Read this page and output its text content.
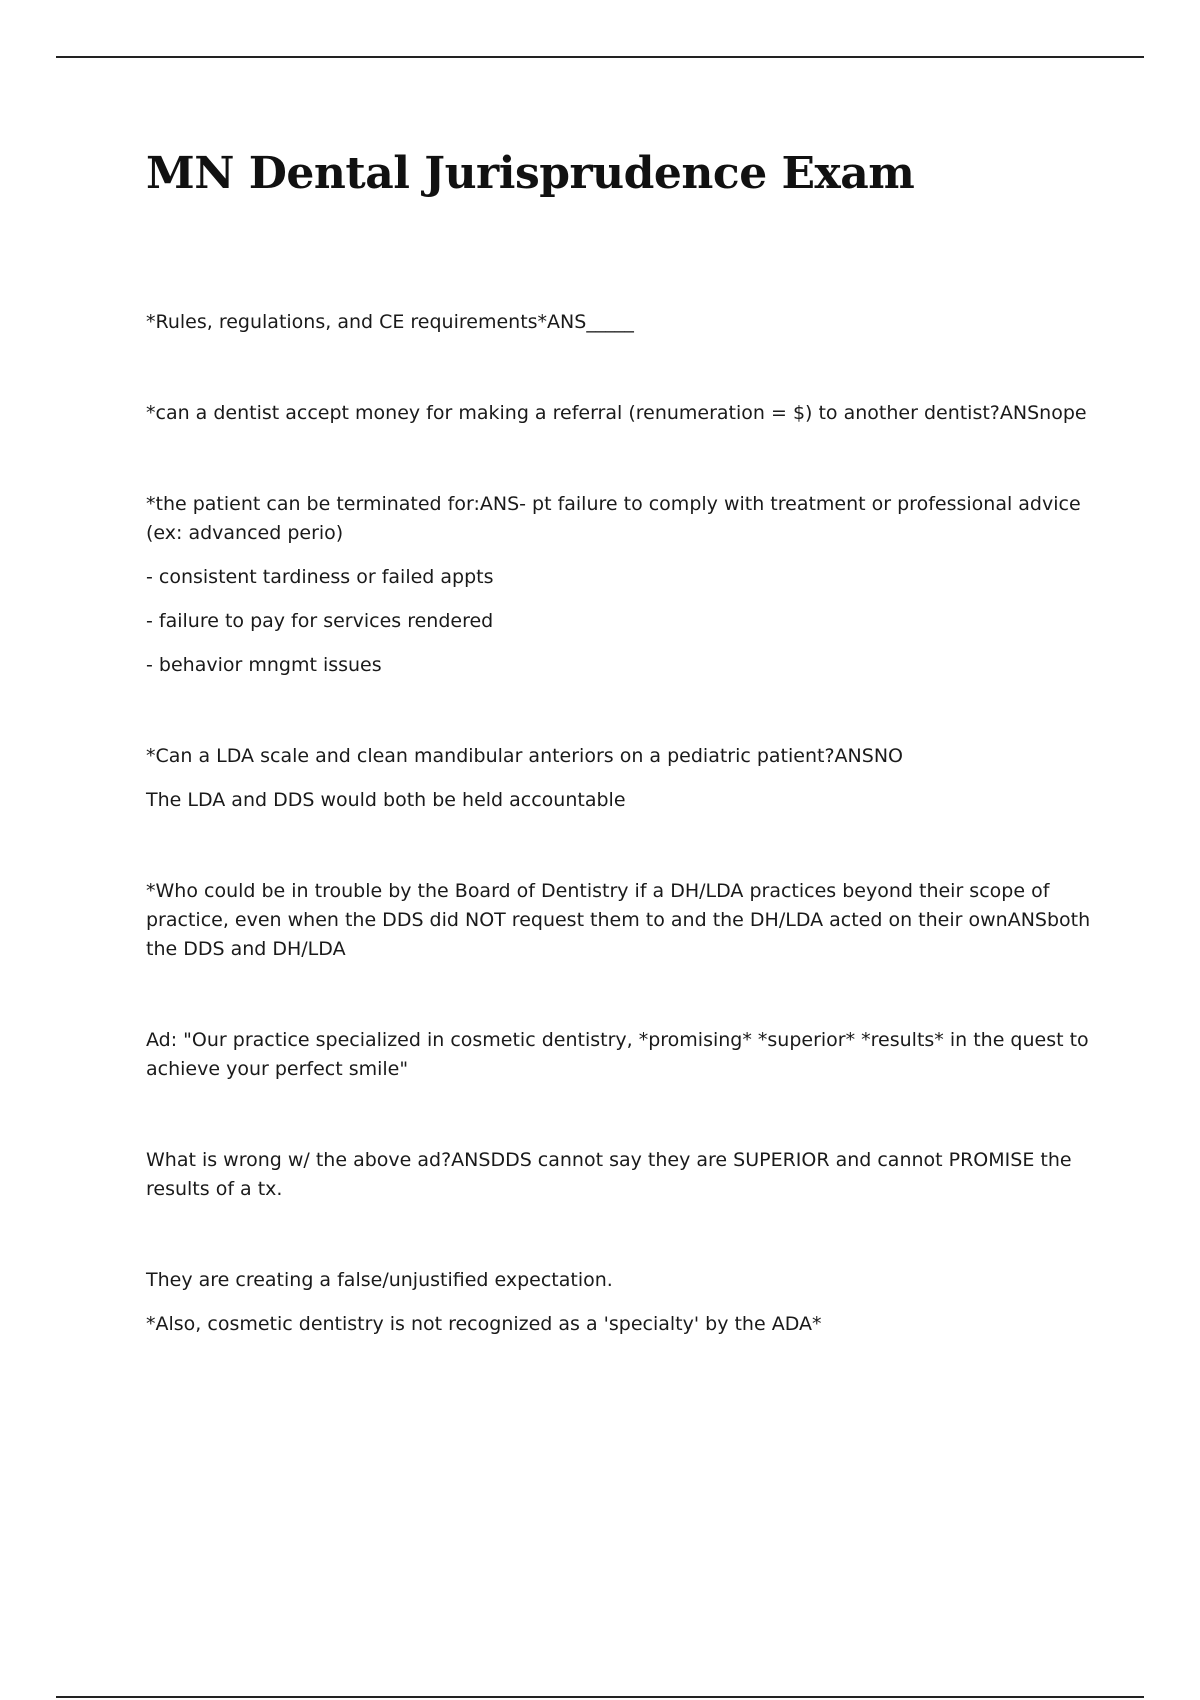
MN Dental Jurisprudence Exam

*Rules, regulations, and CE requirements*ANS_____

*can a dentist accept money for making a referral (renumeration = $) to another dentist?ANSnope

*the patient can be terminated for:ANS- pt failure to comply with treatment or professional advice (ex: advanced perio)

- consistent tardiness or failed appts

- failure to pay for services rendered

- behavior mngmt issues

*Can a LDA scale and clean mandibular anteriors on a pediatric patient?ANSNO

The LDA and DDS would both be held accountable

*Who could be in trouble by the Board of Dentistry if a DH/LDA practices beyond their scope of practice, even when the DDS did NOT request them to and the DH/LDA acted on their ownANSboth the DDS and DH/LDA

Ad: "Our practice specialized in cosmetic dentistry, *promising* *superior* *results* in the quest to achieve your perfect smile"

What is wrong w/ the above ad?ANSDDS cannot say they are SUPERIOR and cannot PROMISE the results of a tx.

They are creating a false/unjustified expectation.

*Also, cosmetic dentistry is not recognized as a 'specialty' by the ADA*
